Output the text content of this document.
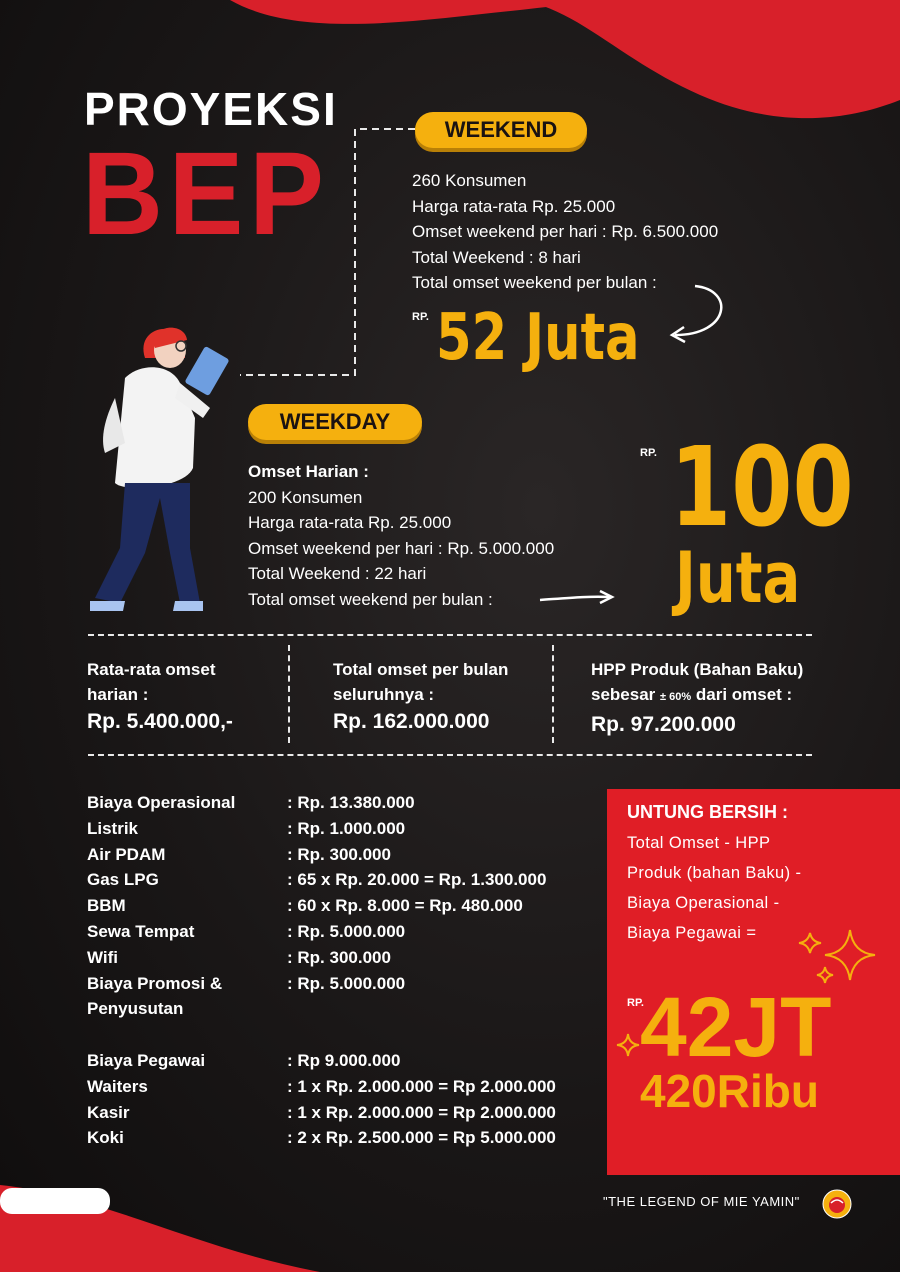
PROYEKSI
BEP	WEEKEND
260 Konsumen
Harga rata-rata Rp. 25.000
Omset weekend per hari : Rp. 6.500.000
Total Weekend : 8 hari
Total omset weekend per bulan :
RP. 52 Juta
WEEKDAY
Omset Harian :
200 Konsumen
Harga rata-rata Rp. 25.000
Omset weekend per hari : Rp. 5.000.000
Total Weekend : 22 hari
Total omset weekend per bulan :
RP. 100
Juta
Rata-rata omset
harian :
Rp. 5.400.000,-
Total omset per bulan
seluruhnya :
Rp. 162.000.000
HPP Produk (Bahan Baku)
sebesar ± 60% dari omset :
Rp. 97.200.000
Biaya Operasional
Listrik
Air PDAM
Gas LPG
BBM
Sewa Tempat
Wifi
Biaya Promosi &
Penyusutan
: Rp. 13.380.000
: Rp. 1.000.000
: Rp. 300.000
: 65 x Rp. 20.000 = Rp. 1.300.000
: 60 x Rp. 8.000 = Rp. 480.000
: Rp. 5.000.000
: Rp. 300.000
: Rp. 5.000.000
Biaya Pegawai
Waiters
Kasir
Koki
: Rp 9.000.000
: 1 x Rp. 2.000.000 = Rp 2.000.000
: 1 x Rp. 2.000.000 = Rp 2.000.000
: 2 x Rp. 2.500.000 = Rp 5.000.000
UNTUNG BERSIH :
Total Omset - HPP
Produk (bahan Baku) -
Biaya Operasional -
Biaya Pegawai =
RP.
42JT
420Ribu
"THE LEGEND OF MIE YAMIN"
